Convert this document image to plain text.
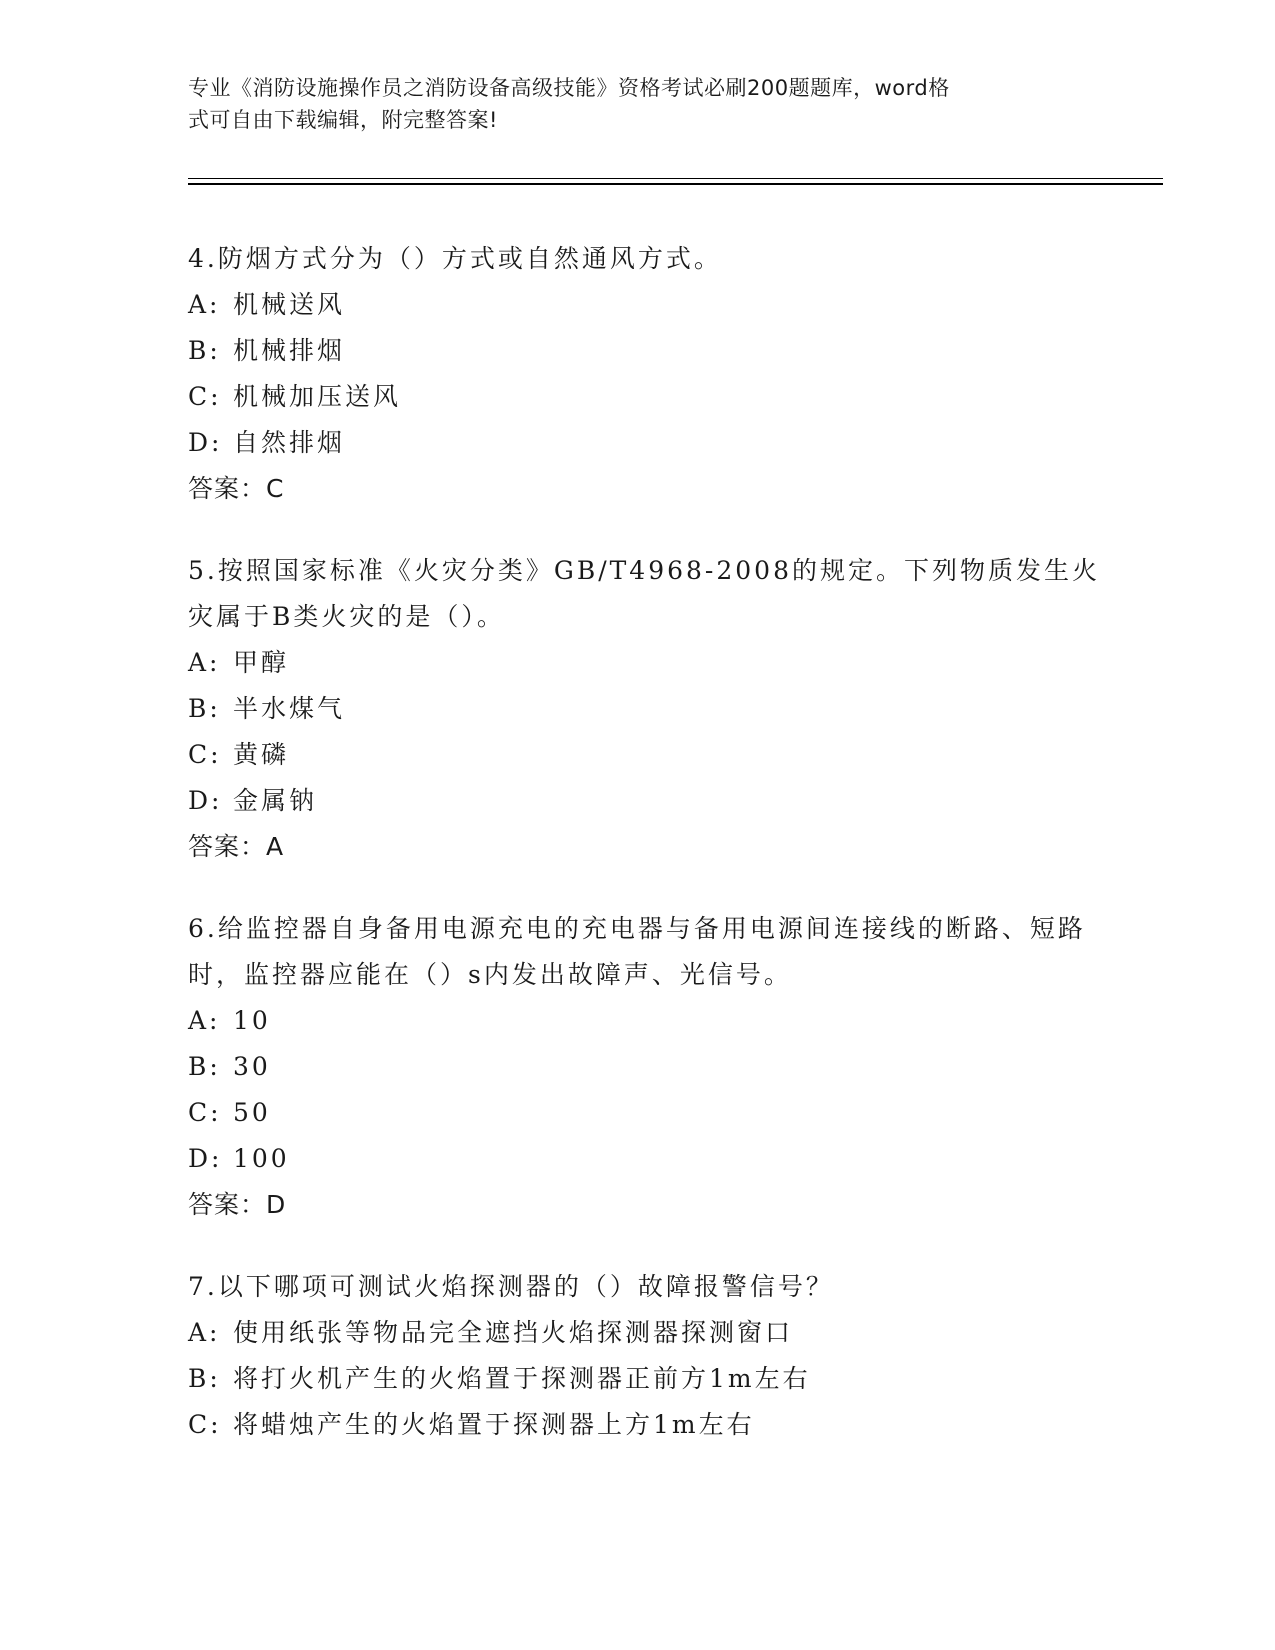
专业《消防设施操作员之消防设备高级技能》资格考试必刷200题题库，word格
式可自由下载编辑，附完整答案!
4.防烟方式分为（）方式或自然通风方式。
A: 机械送风
B: 机械排烟
C: 机械加压送风
D: 自然排烟
答案：C
5.按照国家标准《火灾分类》GB/T4968-2008的规定。下列物质发生火灾属于B类火灾的是（）。
A: 甲醇
B: 半水煤气
C: 黄磷
D: 金属钠
答案：A
6.给监控器自身备用电源充电的充电器与备用电源间连接线的断路、短路时，监控器应能在（）s内发出故障声、光信号。
A: 10
B: 30
C: 50
D: 100
答案：D
7.以下哪项可测试火焰探测器的（）故障报警信号？
A: 使用纸张等物品完全遮挡火焰探测器探测窗口
B: 将打火机产生的火焰置于探测器正前方1m左右
C: 将蜡烛产生的火焰置于探测器上方1m左右
